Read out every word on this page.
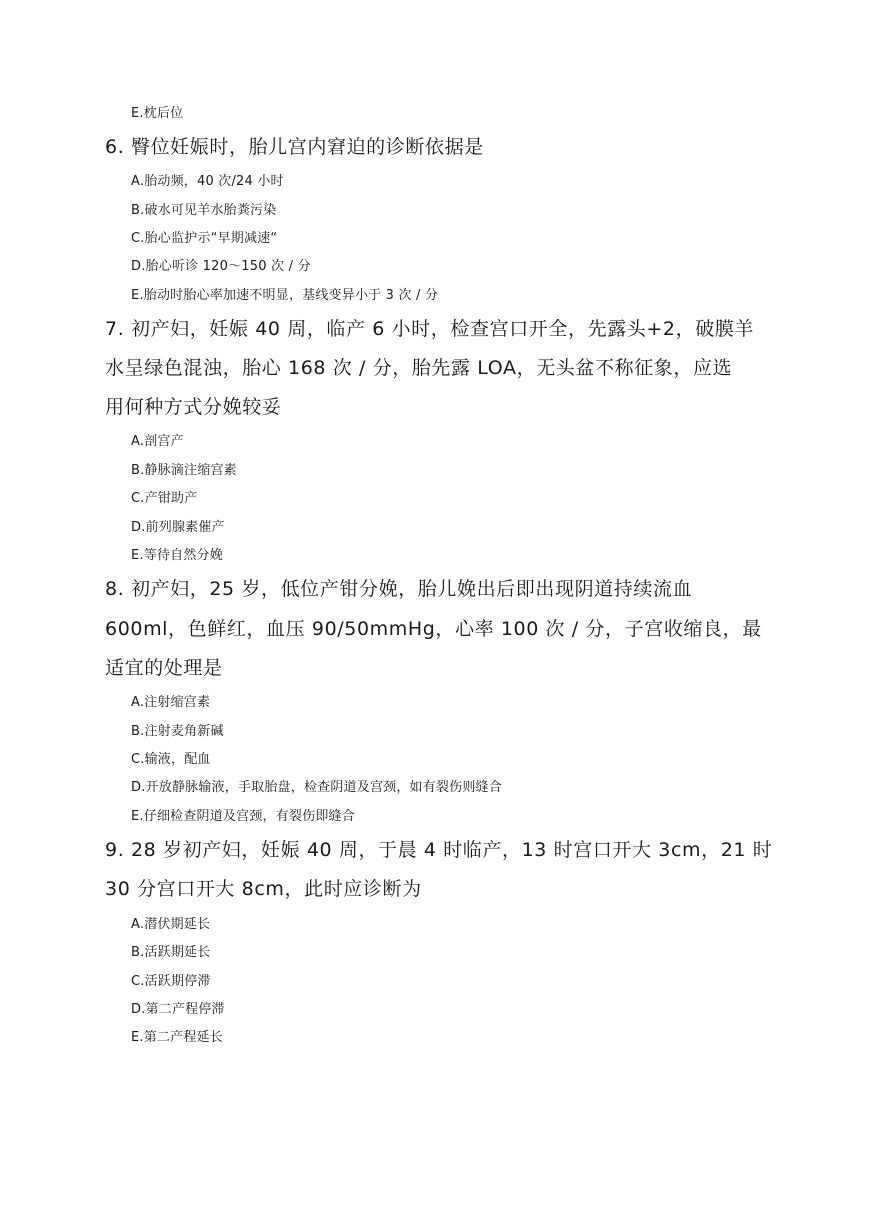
E.枕后位
6. 臀位妊娠时，胎儿宫内窘迫的诊断依据是
A.胎动频，40 次/24 小时
B.破水可见羊水胎粪污染
C.胎心监护示“早期减速“
D.胎心听诊 120～150 次 / 分
E.胎动时胎心率加速不明显，基线变异小于 3 次 / 分
7. 初产妇，妊娠 40 周，临产 6 小时，检查宫口开全，先露头+2，破膜羊
水呈绿色混浊，胎心 168 次 / 分，胎先露 LOA，无头盆不称征象，应选
用何种方式分娩较妥
A.剖宫产
B.静脉滴注缩宫素
C.产钳助产
D.前列腺素催产
E.等待自然分娩
8. 初产妇，25 岁，低位产钳分娩，胎儿娩出后即出现阴道持续流血
600ml，色鲜红，血压 90/50mmHg，心率 100 次 / 分，子宫收缩良，最
适宜的处理是
A.注射缩宫素
B.注射麦角新碱
C.输液，配血
D.开放静脉输液，手取胎盘，检查阴道及宫颈，如有裂伤则缝合
E.仔细检查阴道及宫颈，有裂伤即缝合
9. 28 岁初产妇，妊娠 40 周，于晨 4 时临产，13 时宫口开大 3cm，21 时
30 分宫口开大 8cm，此时应诊断为
A.潜伏期延长
B.活跃期延长
C.活跃期停滞
D.第二产程停滞
E.第二产程延长
